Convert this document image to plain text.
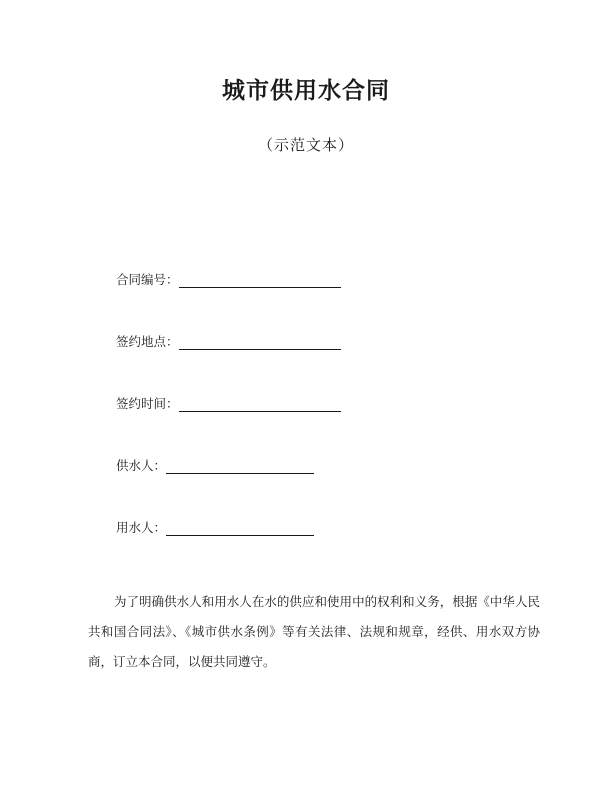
城市供用水合同
（示范文本）
合同编号：
签约地点：
签约时间：
供水人：
用水人：

为了明确供水人和用水人在水的供应和使用中的权利和义务，根据《中华人民共和国合同法》、《城市供水条例》等有关法律、法规和规章，经供、用水双方协商，订立本合同，以便共同遵守。
